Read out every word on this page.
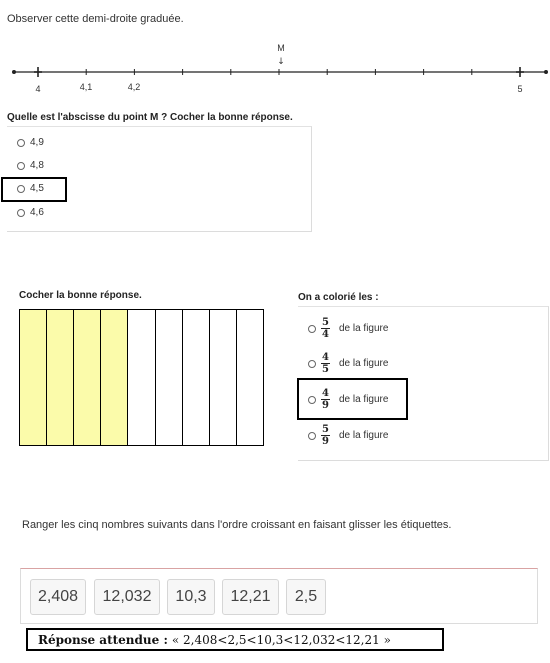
Observer cette demi-droite graduée.
M
↓
4	4,1	4,2	5
Quelle est l'abscisse du point M ? Cocher la bonne réponse.
4,9
4,8
4,5
4,6
Cocher la bonne réponse.	On a colorié les :
$\frac{5}{4}$ de la figure
$\frac{4}{5}$ de la figure
$\frac{4}{9}$ de la figure
$\frac{5}{9}$ de la figure
Ranger les cinq nombres suivants dans l'ordre croissant en faisant glisser les étiquettes.
2,408	12,032	10,3	12,21	2,5
Réponse attendue : « 2,408<2,5<10,3<12,032<12,21 »
